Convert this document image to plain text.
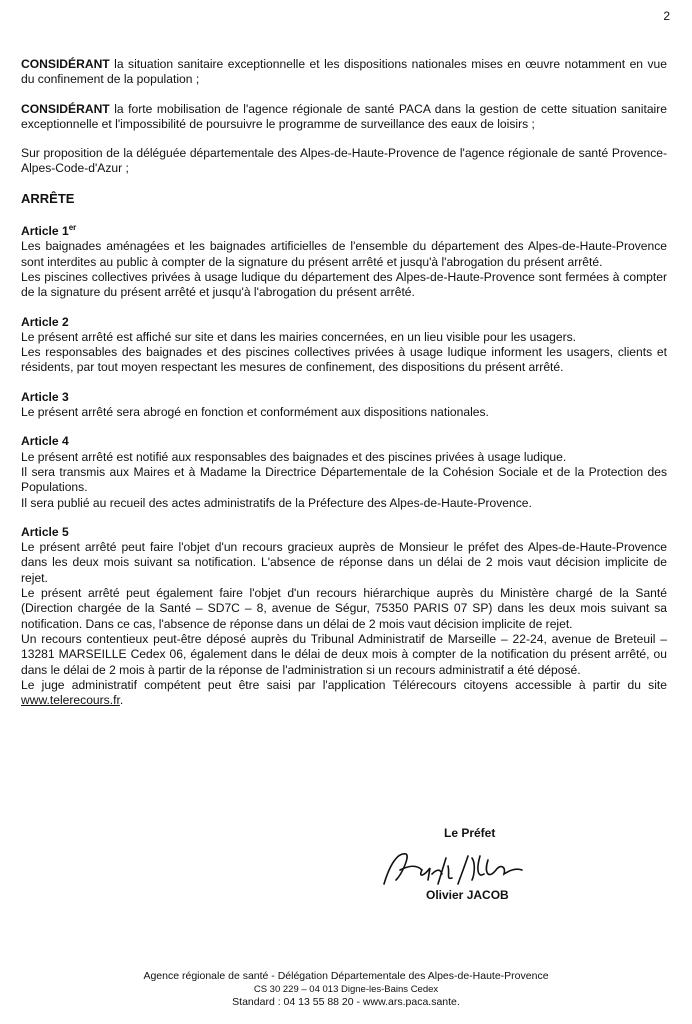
2

CONSIDÉRANT la situation sanitaire exceptionnelle et les dispositions nationales mises en œuvre notamment en vue du confinement de la population ;

CONSIDÉRANT la forte mobilisation de l'agence régionale de santé PACA dans la gestion de cette situation sanitaire exceptionnelle et l'impossibilité de poursuivre le programme de surveillance des eaux de loisirs ;

Sur proposition de la déléguée départementale des Alpes-de-Haute-Provence de l'agence régionale de santé Provence-Alpes-Code-d'Azur ;

ARRÊTE

Article 1er

Les baignades aménagées et les baignades artificielles de l'ensemble du département des Alpes-de-Haute-Provence sont interdites au public à compter de la signature du présent arrêté et jusqu'à l'abrogation du présent arrêté.

Les piscines collectives privées à usage ludique du département des Alpes-de-Haute-Provence sont fermées à compter de la signature du présent arrêté et jusqu'à l'abrogation du présent arrêté.

Article 2

Le présent arrêté est affiché sur site et dans les mairies concernées, en un lieu visible pour les usagers.

Les responsables des baignades et des piscines collectives privées à usage ludique informent les usagers, clients et résidents, par tout moyen respectant les mesures de confinement, des dispositions du présent arrêté.

Article 3

Le présent arrêté sera abrogé en fonction et conformément aux dispositions nationales.

Article 4

Le présent arrêté est notifié aux responsables des baignades et des piscines privées à usage ludique.

Il sera transmis aux Maires et à Madame la Directrice Départementale de la Cohésion Sociale et de la Protection des Populations.

Il sera publié au recueil des actes administratifs de la Préfecture des Alpes-de-Haute-Provence.

Article 5

Le présent arrêté peut faire l'objet d'un recours gracieux auprès de Monsieur le préfet des Alpes-de-Haute-Provence dans les deux mois suivant sa notification. L'absence de réponse dans un délai de 2 mois vaut décision implicite de rejet.

Le présent arrêté peut également faire l'objet d'un recours hiérarchique auprès du Ministère chargé de la Santé (Direction chargée de la Santé – SD7C – 8, avenue de Ségur, 75350 PARIS 07 SP) dans les deux mois suivant sa notification. Dans ce cas, l'absence de réponse dans un délai de 2 mois vaut décision implicite de rejet.

Un recours contentieux peut-être déposé auprès du Tribunal Administratif de Marseille – 22-24, avenue de Breteuil – 13281 MARSEILLE Cedex 06, également dans le délai de deux mois à compter de la notification du présent arrêté, ou dans le délai de 2 mois à partir de la réponse de l'administration si un recours administratif a été déposé.

Le juge administratif compétent peut être saisi par l'application Télérecours citoyens accessible à partir du site www.telerecours.fr.

Le Préfet
Olivier JACOB
Agence régionale de santé - Délégation Départementale des Alpes-de-Haute-Provence
CS 30 229 – 04 013 Digne-les-Bains Cedex
Standard : 04 13 55 88 20 - www.ars.paca.sante.
